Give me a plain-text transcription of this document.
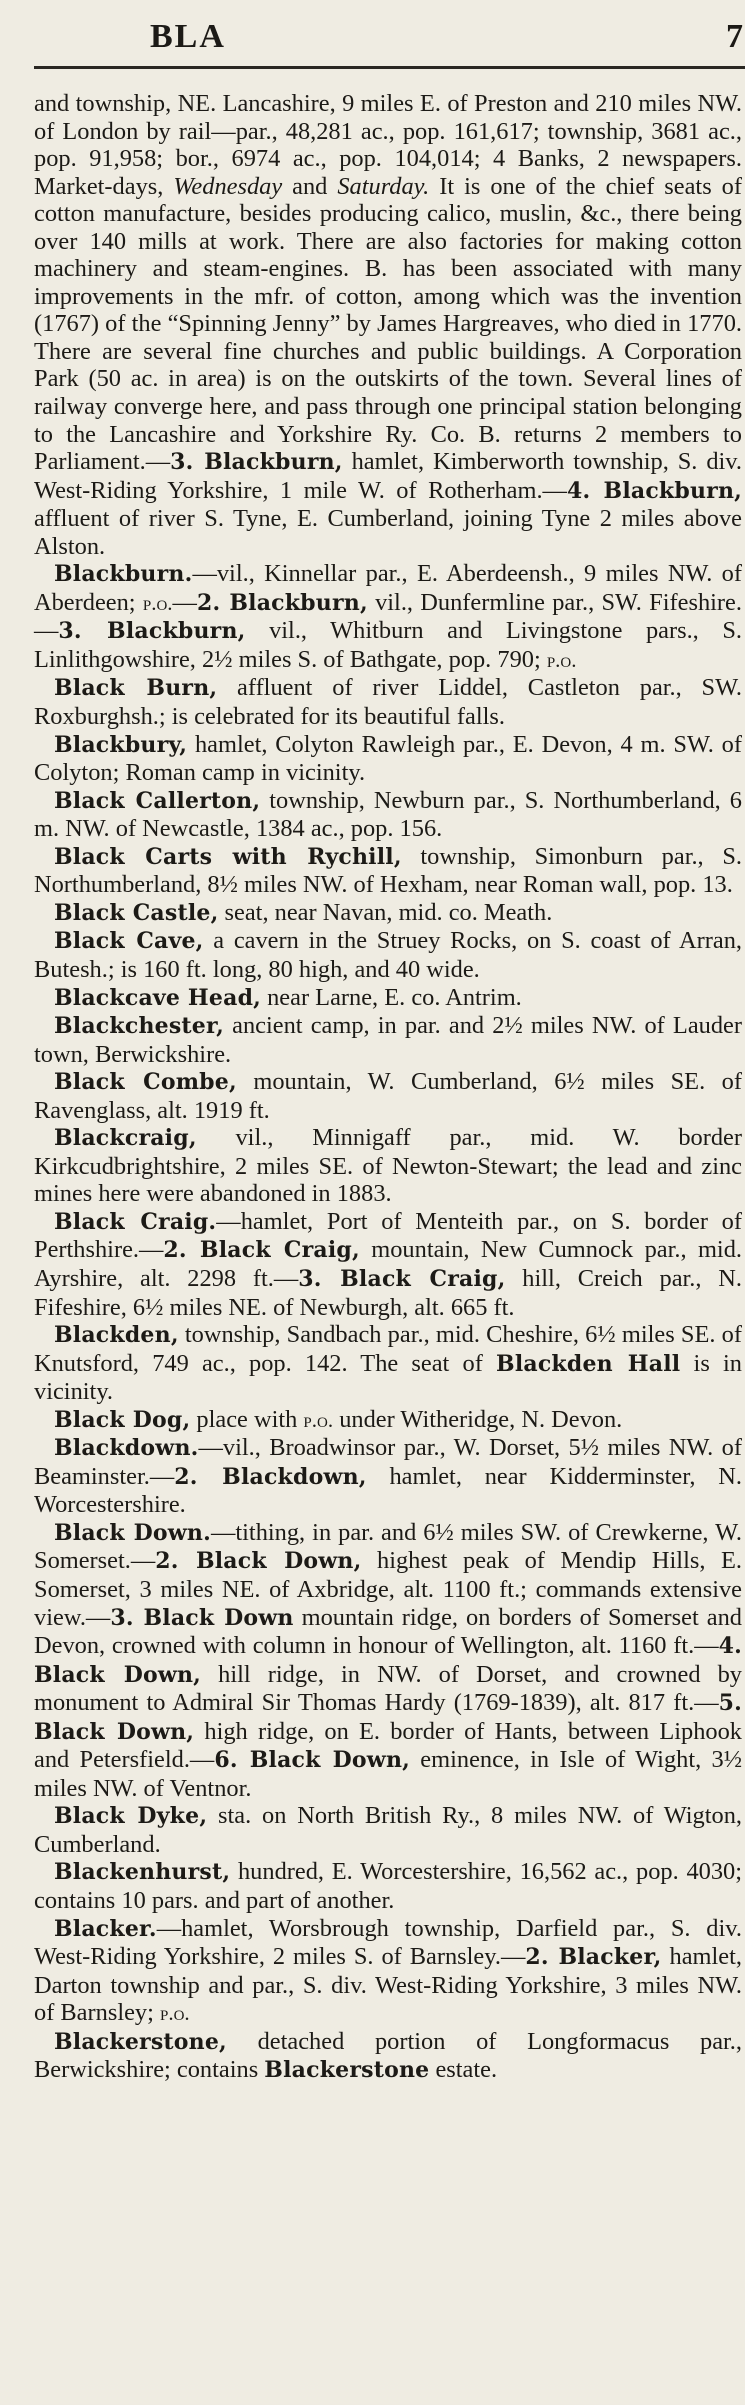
BLA	7

and township, NE. Lancashire, 9 miles E. of Preston and 210 miles NW. of London by rail—par., 48,281 ac., pop. 161,617; township, 3681 ac., pop. 91,958; bor., 6974 ac., pop. 104,014; 4 Banks, 2 newspapers. Market-days, Wednesday and Saturday. It is one of the chief seats of cotton manufacture, besides producing calico, muslin, &c., there being over 140 mills at work. There are also factories for making cotton machinery and steam-engines. B. has been associated with many improvements in the mfr. of cotton, among which was the invention (1767) of the “Spinning Jenny” by James Hargreaves, who died in 1770. There are several fine churches and public buildings. A Corporation Park (50 ac. in area) is on the outskirts of the town. Several lines of railway converge here, and pass through one principal station belonging to the Lancashire and Yorkshire Ry. Co. B. returns 2 members to Parliament.—3. Blackburn, hamlet, Kimberworth township, S. div. West-Riding Yorkshire, 1 mile W. of Rotherham.—4. Blackburn, affluent of river S. Tyne, E. Cumberland, joining Tyne 2 miles above Alston.

Blackburn.—vil., Kinnellar par., E. Aberdeensh., 9 miles NW. of Aberdeen; p.o.—2. Blackburn, vil., Dunfermline par., SW. Fifeshire.—3. Blackburn, vil., Whitburn and Livingstone pars., S. Linlithgowshire, 2½ miles S. of Bathgate, pop. 790; p.o.

Black Burn, affluent of river Liddel, Castleton par., SW. Roxburghsh.; is celebrated for its beautiful falls.

Blackbury, hamlet, Colyton Rawleigh par., E. Devon, 4 m. SW. of Colyton; Roman camp in vicinity.

Black Callerton, township, Newburn par., S. Northumberland, 6 m. NW. of Newcastle, 1384 ac., pop. 156.

Black Carts with Rychill, township, Simonburn par., S. Northumberland, 8½ miles NW. of Hexham, near Roman wall, pop. 13.

Black Castle, seat, near Navan, mid. co. Meath.

Black Cave, a cavern in the Struey Rocks, on S. coast of Arran, Butesh.; is 160 ft. long, 80 high, and 40 wide.

Blackcave Head, near Larne, E. co. Antrim.

Blackchester, ancient camp, in par. and 2½ miles NW. of Lauder town, Berwickshire.

Black Combe, mountain, W. Cumberland, 6½ miles SE. of Ravenglass, alt. 1919 ft.

Blackcraig, vil., Minnigaff par., mid. W. border Kirkcudbrightshire, 2 miles SE. of Newton-Stewart; the lead and zinc mines here were abandoned in 1883.

Black Craig.—hamlet, Port of Menteith par., on S. border of Perthshire.—2. Black Craig, mountain, New Cumnock par., mid. Ayrshire, alt. 2298 ft.—3. Black Craig, hill, Creich par., N. Fifeshire, 6½ miles NE. of Newburgh, alt. 665 ft.

Blackden, township, Sandbach par., mid. Cheshire, 6½ miles SE. of Knutsford, 749 ac., pop. 142. The seat of Blackden Hall is in vicinity.

Black Dog, place with p.o. under Witheridge, N. Devon.

Blackdown.—vil., Broadwinsor par., W. Dorset, 5½ miles NW. of Beaminster.—2. Blackdown, hamlet, near Kidderminster, N. Worcestershire.

Black Down.—tithing, in par. and 6½ miles SW. of Crewkerne, W. Somerset.—2. Black Down, highest peak of Mendip Hills, E. Somerset, 3 miles NE. of Axbridge, alt. 1100 ft.; commands extensive view.—3. Black Down mountain ridge, on borders of Somerset and Devon, crowned with column in honour of Wellington, alt. 1160 ft.—4. Black Down, hill ridge, in NW. of Dorset, and crowned by monument to Admiral Sir Thomas Hardy (1769-1839), alt. 817 ft.—5. Black Down, high ridge, on E. border of Hants, between Liphook and Petersfield.—6. Black Down, eminence, in Isle of Wight, 3½ miles NW. of Ventnor.

Black Dyke, sta. on North British Ry., 8 miles NW. of Wigton, Cumberland.

Blackenhurst, hundred, E. Worcestershire, 16,562 ac., pop. 4030; contains 10 pars. and part of another.

Blacker.—hamlet, Worsbrough township, Darfield par., S. div. West-Riding Yorkshire, 2 miles S. of Barnsley.—2. Blacker, hamlet, Darton township and par., S. div. West-Riding Yorkshire, 3 miles NW. of Barnsley; p.o.

Blackerstone, detached portion of Longformacus par., Berwickshire; contains Blackerstone estate.
